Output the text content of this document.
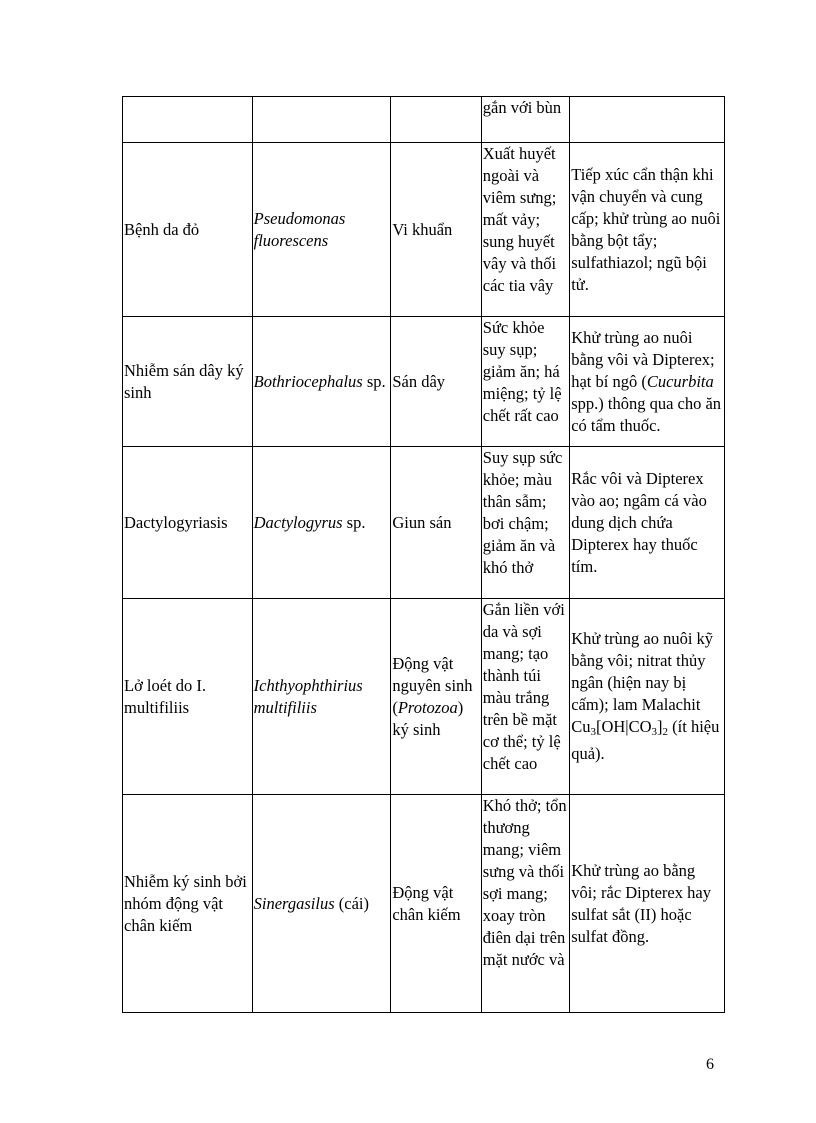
			gắn với bùn	
Bệnh da đỏ	Pseudomonas fluorescens	Vi khuẩn	Xuất huyết ngoài và viêm sưng; mất vảy; sung huyết vây và thối các tia vây	Tiếp xúc cẩn thận khi vận chuyển và cung cấp; khử trùng ao nuôi bằng bột tẩy; sulfathiazol; ngũ bội tử.
Nhiễm sán dây ký sinh	Bothriocephalus sp.	Sán dây	Sức khỏe suy sụp; giảm ăn; há miệng; tỷ lệ chết rất cao	Khử trùng ao nuôi bằng vôi và Dipterex; hạt bí ngô (Cucurbita spp.) thông qua cho ăn có tẩm thuốc.
Dactylogyriasis	Dactylogyrus sp.	Giun sán	Suy sụp sức khỏe; màu thân sẫm; bơi chậm; giảm ăn và khó thở	Rắc vôi và Dipterex vào ao; ngâm cá vào dung dịch chứa Dipterex hay thuốc tím.
Lở loét do I. multifiliis	Ichthyophthirius multifiliis	Động vật nguyên sinh (Protozoa) ký sinh	Gắn liền với da và sợi mang; tạo thành túi màu trắng trên bề mặt cơ thể; tỷ lệ chết cao	Khử trùng ao nuôi kỹ bằng vôi; nitrat thủy ngân (hiện nay bị cấm); lam Malachit $Cu_3[OH|CO_3]_2$ (ít hiệu quả).
Nhiễm ký sinh bởi nhóm động vật chân kiếm	Sinergasilus (cái)	Động vật chân kiếm	Khó thở; tổn thương mang; viêm sưng và thối sợi mang; xoay tròn điên dại trên mặt nước và	Khử trùng ao bằng vôi; rắc Dipterex hay sulfat sắt (II) hoặc sulfat đồng.
6
